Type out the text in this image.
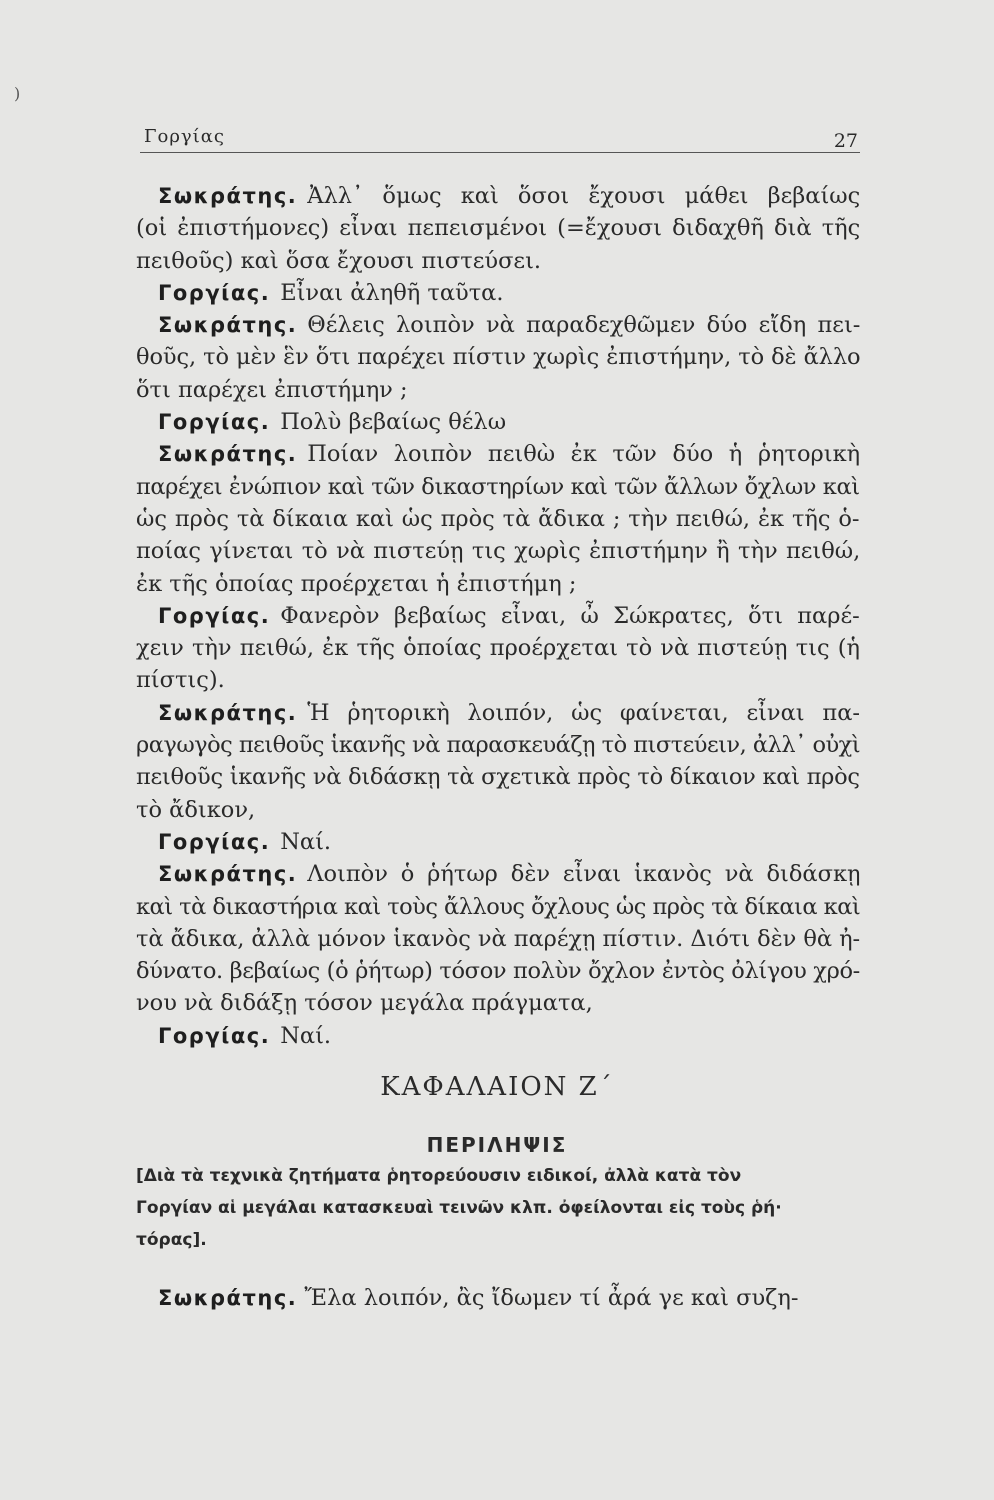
)
Γοργίας	27
Σωκράτης. Ἀλλ᾽ ὅμως καὶ ὅσοι ἔχουσι μάθει βεβαίως
(οἱ ἐπιστήμονες) εἶναι πεπεισμένοι (=ἔχουσι διδαχθῆ διὰ τῆς
πειθοῦς) καὶ ὅσα ἔχουσι πιστεύσει.
Γοργίας. Εἶναι ἀληθῆ ταῦτα.
Σωκράτης. Θέλεις λοιπὸν νὰ παραδεχθῶμεν δύο εἴδη πει-
θοῦς, τὸ μὲν ἓν ὅτι παρέχει πίστιν χωρὶς ἐπιστήμην, τὸ δὲ ἄλλο
ὅτι παρέχει ἐπιστήμην ;
Γοργίας. Πολὺ βεβαίως θέλω
Σωκράτης. Ποίαν λοιπὸν πειθὼ ἐκ τῶν δύο ἡ ῥητορικὴ
παρέχει ἐνώπιον καὶ τῶν δικαστηρίων καὶ τῶν ἄλλων ὄχλων καὶ
ὡς πρὸς τὰ δίκαια καὶ ὡς πρὸς τὰ ἄδικα ; τὴν πειθώ, ἐκ τῆς ὁ-
ποίας γίνεται τὸ νὰ πιστεύῃ τις χωρὶς ἐπιστήμην ἢ τὴν πειθώ,
ἐκ τῆς ὁποίας προέρχεται ἡ ἐπιστήμη ;
Γοργίας. Φανερὸν βεβαίως εἶναι, ὦ Σώκρατες, ὅτι παρέ-
χειν τὴν πειθώ, ἐκ τῆς ὁποίας προέρχεται τὸ νὰ πιστεύῃ τις (ἡ
πίστις).
Σωκράτης. Ἡ ῥητορικὴ λοιπόν, ὡς φαίνεται, εἶναι πα-
ραγωγὸς πειθοῦς ἱκανῆς νὰ παρασκευάζῃ τὸ πιστεύειν, ἀλλ᾽ οὐχὶ
πειθοῦς ἱκανῆς νὰ διδάσκῃ τὰ σχετικὰ πρὸς τὸ δίκαιον καὶ πρὸς
τὸ ἄδικον,
Γοργίας. Ναί.
Σωκράτης. Λοιπὸν ὁ ῥήτωρ δὲν εἶναι ἱκανὸς νὰ διδάσκῃ
καὶ τὰ δικαστήρια καὶ τοὺς ἄλλους ὄχλους ὡς πρὸς τὰ δίκαια καὶ
τὰ ἄδικα, ἀλλὰ μόνον ἱκανὸς νὰ παρέχῃ πίστιν. Διότι δὲν θὰ ἠ-
δύνατο. βεβαίως (ὁ ῥήτωρ) τόσον πολὺν ὄχλον ἐντὸς ὀλίγου χρό-
νου νὰ διδάξῃ τόσον μεγάλα πράγματα,
Γοργίας. Ναί.
ΚΑΦΑΛΑΙΟΝ Ζ´
ΠΕΡΙΛΗΨΙΣ
[Διὰ τὰ τεχνικὰ ζητήματα ῥητορεύουσιν ειδικοί, ἀλλὰ κατὰ τὸν
Γοργίαν αἱ μεγάλαι κατασκευαὶ τεινῶν κλπ. ὀφείλονται εἰς τοὺς ῥή·
τόρας].
Σωκράτης. Ἔλα λοιπόν, ἂς ἴδωμεν τί ἆρά γε καὶ συζη-
